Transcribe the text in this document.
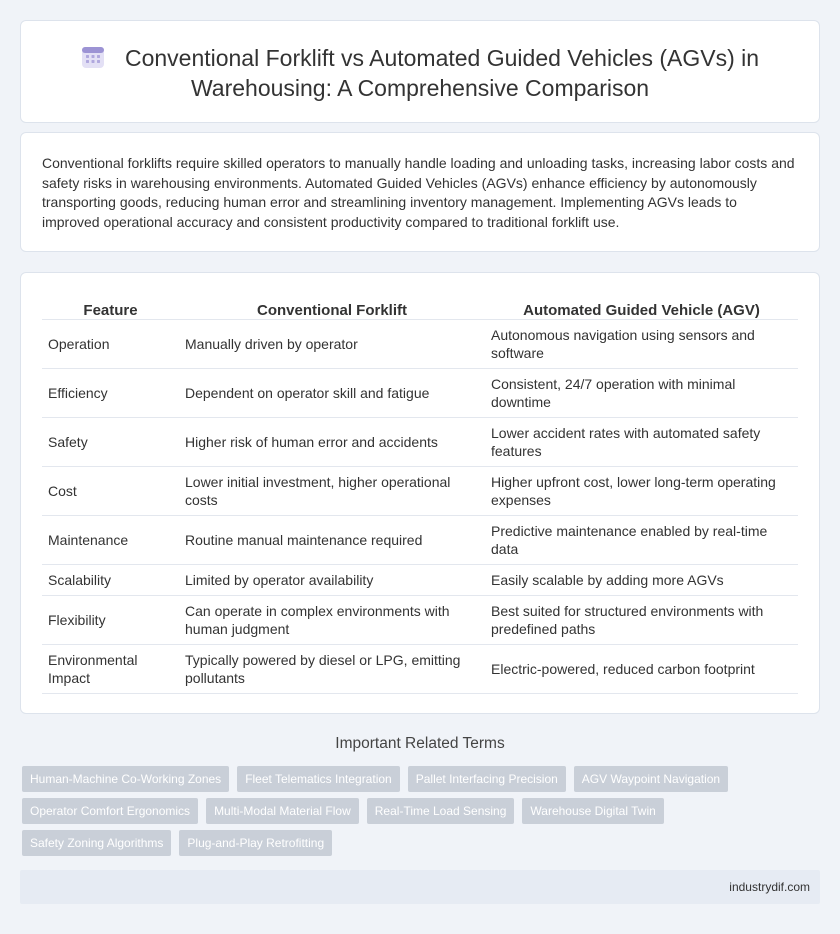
Conventional Forklift vs Automated Guided Vehicles (AGVs) in Warehousing: A Comprehensive Comparison

Conventional forklifts require skilled operators to manually handle loading and unloading tasks, increasing labor costs and safety risks in warehousing environments. Automated Guided Vehicles (AGVs) enhance efficiency by autonomously transporting goods, reducing human error and streamlining inventory management. Implementing AGVs leads to improved operational accuracy and consistent productivity compared to traditional forklift use.

Feature	Conventional Forklift	Automated Guided Vehicle (AGV)
Operation	Manually driven by operator	Autonomous navigation using sensors and software
Efficiency	Dependent on operator skill and fatigue	Consistent, 24/7 operation with minimal downtime
Safety	Higher risk of human error and accidents	Lower accident rates with automated safety features
Cost	Lower initial investment, higher operational costs	Higher upfront cost, lower long-term operating expenses
Maintenance	Routine manual maintenance required	Predictive maintenance enabled by real-time data
Scalability	Limited by operator availability	Easily scalable by adding more AGVs
Flexibility	Can operate in complex environments with human judgment	Best suited for structured environments with predefined paths
Environmental Impact	Typically powered by diesel or LPG, emitting pollutants	Electric-powered, reduced carbon footprint
Important Related Terms
Human-Machine Co-Working Zones	Fleet Telematics Integration	Pallet Interfacing Precision	AGV Waypoint Navigation
Operator Comfort Ergonomics	Multi-Modal Material Flow	Real-Time Load Sensing	Warehouse Digital Twin
Safety Zoning Algorithms	Plug-and-Play Retrofitting
industrydif.com
